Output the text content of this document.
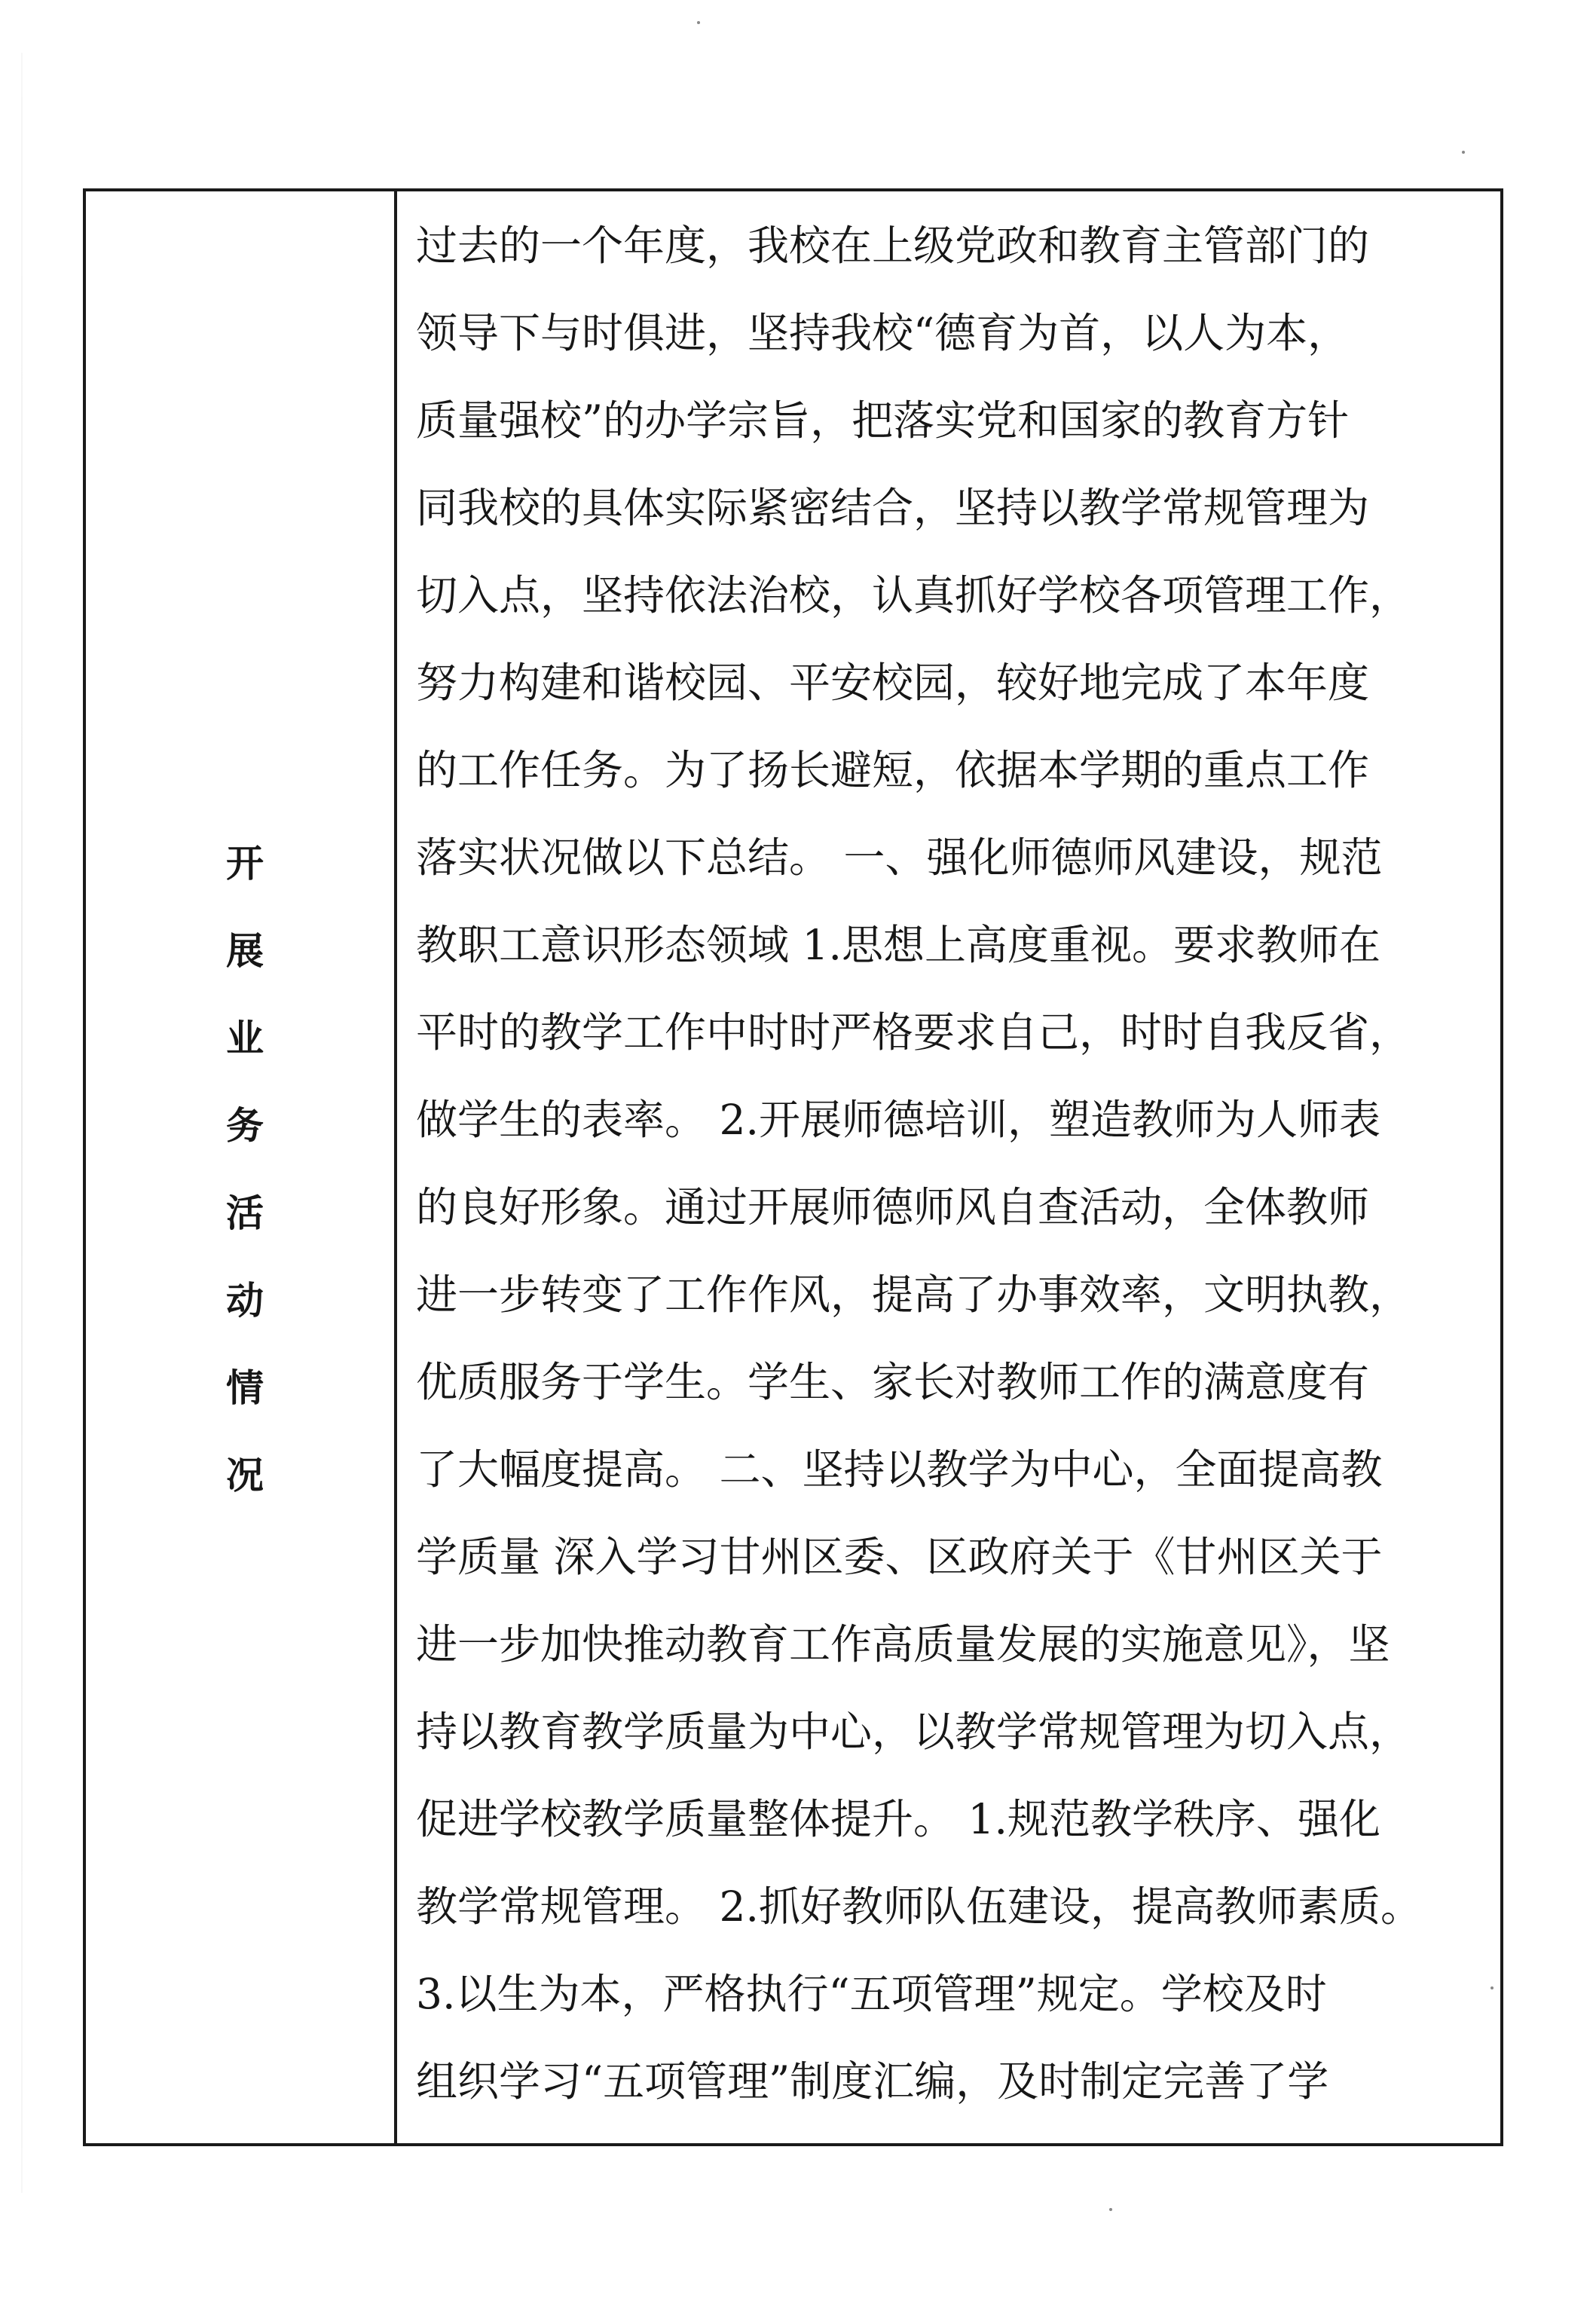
开
展
业
务
活
动
情
况
过去的一个年度，我校在上级党政和教育主管部门的
领导下与时俱进，坚持我校“德育为首，以人为本，
质量强校”的办学宗旨，把落实党和国家的教育方针
同我校的具体实际紧密结合，坚持以教学常规管理为
切入点，坚持依法治校，认真抓好学校各项管理工作，
努力构建和谐校园、平安校园，较好地完成了本年度
的工作任务。为了扬长避短，依据本学期的重点工作
落实状况做以下总结。 一、强化师德师风建设，规范
教职工意识形态领域 1.思想上高度重视。要求教师在
平时的教学工作中时时严格要求自己，时时自我反省，
做学生的表率。 2.开展师德培训，塑造教师为人师表
的良好形象。通过开展师德师风自查活动，全体教师
进一步转变了工作作风，提高了办事效率，文明执教，
优质服务于学生。学生、家长对教师工作的满意度有
了大幅度提高。 二、坚持以教学为中心，全面提高教
学质量 深入学习甘州区委、区政府关于《甘州区关于
进一步加快推动教育工作高质量发展的实施意见》，坚
持以教育教学质量为中心，以教学常规管理为切入点，
促进学校教学质量整体提升。 1.规范教学秩序、强化
教学常规管理。 2.抓好教师队伍建设，提高教师素质。
3.以生为本，严格执行“五项管理”规定。学校及时
组织学习“五项管理”制度汇编，及时制定完善了学
